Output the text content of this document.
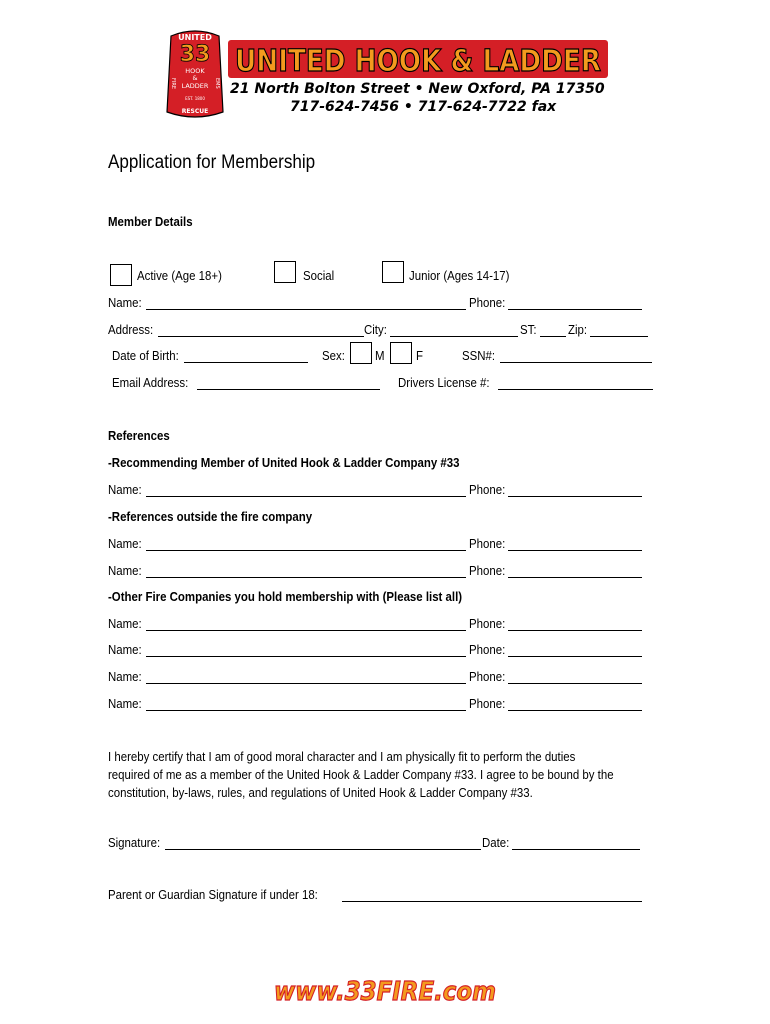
UNITED
33
HOOK
&
LADDER
FIRE	EMS
EST. 1800
RESCUE
UNITED HOOK & LADDER
21 North Bolton Street • New Oxford, PA 17350
717-624-7456 • 717-624-7722 fax
Application for Membership
Member Details
Active (Age 18+)	Social	Junior (Ages 14-17)
Name:	Phone:
Address:	City:	ST: Zip:
Date of Birth:	Sex: M F	SSN#:
Email Address:	Drivers License #:
References
-Recommending Member of United Hook & Ladder Company #33
Name:	Phone:
-References outside the fire company
Name:	Phone:
Name:	Phone:
-Other Fire Companies you hold membership with (Please list all)
Name:	Phone:
Name:	Phone:
Name:	Phone:
Name:	Phone:
I hereby certify that I am of good moral character and I am physically fit to perform the duties
required of me as a member of the United Hook & Ladder Company #33. I agree to be bound by the
constitution, by-laws, rules, and regulations of United Hook & Ladder Company #33.
Signature:	Date:
Parent or Guardian Signature if under 18:
www.33FIRE.com
